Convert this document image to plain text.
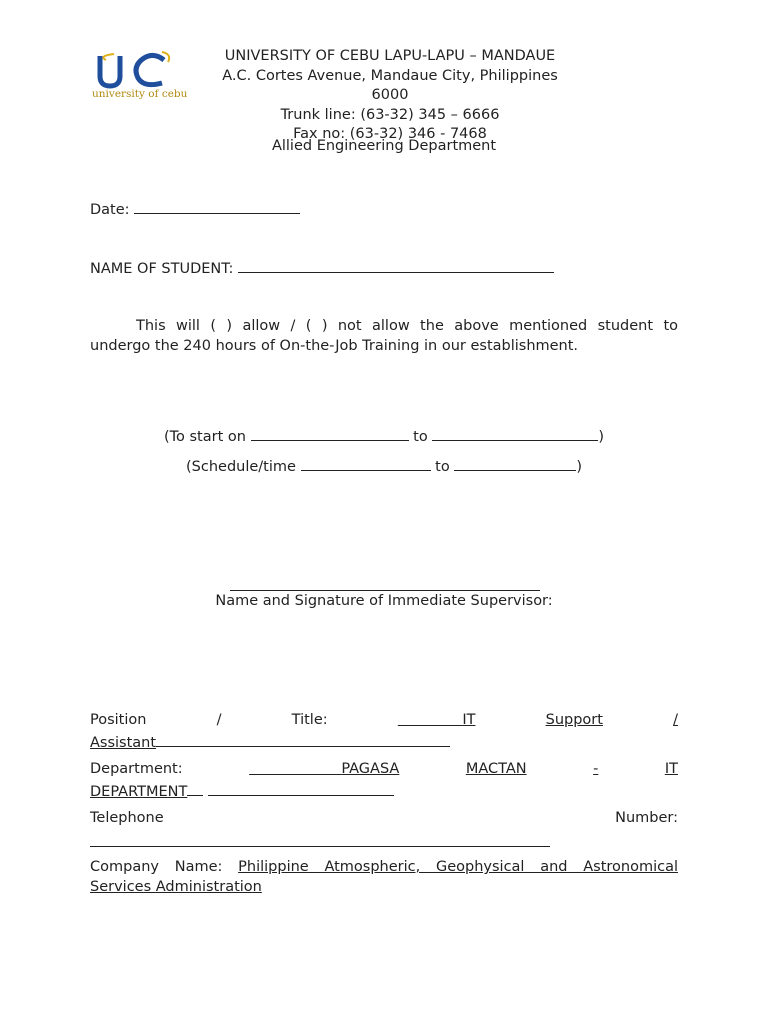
university of cebu
UNIVERSITY OF CEBU LAPU-LAPU – MANDAUE
A.C. Cortes Avenue, Mandaue City, Philippines
6000
Trunk line: (63-32) 345 – 6666
Fax no: (63-32) 346 - 7468
Allied Engineering Department
Date:
NAME OF STUDENT:
This will ( ) allow / ( ) not allow the above mentioned student to
undergo the 240 hours of On-the-Job Training in our establishment.
(To start on	to	)
(Schedule/time	to	)
Name and Signature of Immediate Supervisor:
Position	/	Title:	IT	Support	/
Assistant
Department:	PAGASA	MACTAN	-	IT
DEPARTMENT
Telephone	Number:
Company Name: Philippine Atmospheric, Geophysical and Astronomical
Services Administration
